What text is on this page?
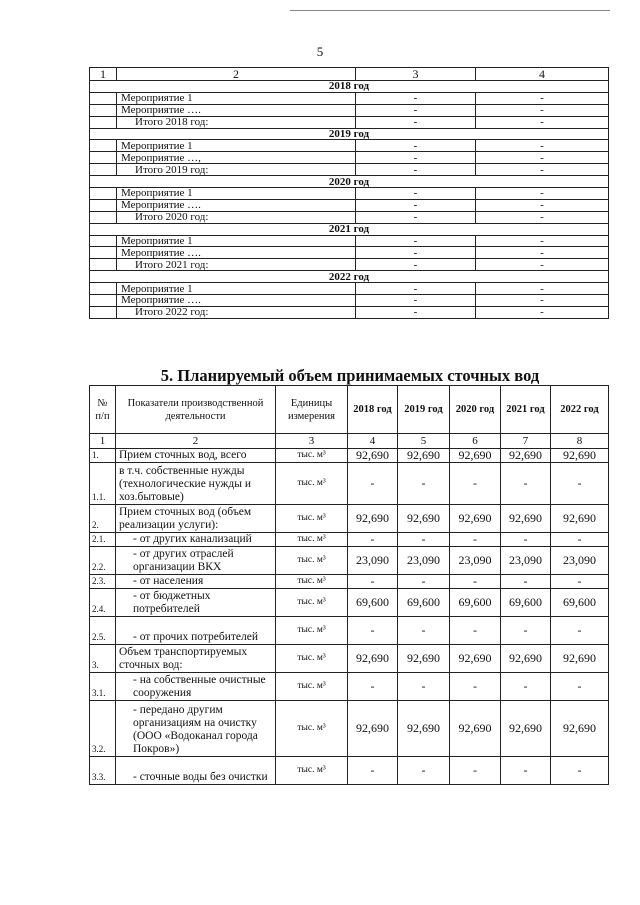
5
1	2	3	4
2018 год			
	Мероприятие 1	-	-
	Мероприятие ….	-	-
	Итого 2018 год:	-	-
2019 год			
	Мероприятие 1	-	-
	Мероприятие …,	-	-
	Итого 2019 год:	-	-
2020 год			
	Мероприятие 1	-	-
	Мероприятие ….	-	-
	Итого 2020 год:	-	-
2021 год			
	Мероприятие 1	-	-
	Мероприятие ….	-	-
	Итого 2021 год:	-	-
2022 год			
	Мероприятие 1	-	-
	Мероприятие ….	-	-
	Итого 2022 год:	-	-
5. Планируемый объем принимаемых сточных вод
№ п/п	Показатели производственной деятельности	Единицы измерения	2018 год	2019 год	2020 год	2021 год	2022 год
1	2	3	4	5	6	7	8
1.	Прием сточных вод, всего	тыс. м³	92,690	92,690	92,690	92,690	92,690
1.1.	в т.ч. собственные нужды (технологические нужды и хоз.бытовые)	тыс. м³	-	-	-	-	-
2.	Прием сточных вод (объем реализации услуги):	тыс. м³	92,690	92,690	92,690	92,690	92,690
2.1.	- от других канализаций	тыс. м³	-	-	-	-	-
2.2.	- от других отраслей организации ВКХ	тыс. м³	23,090	23,090	23,090	23,090	23,090
2.3.	- от населения	тыс. м³	-	-	-	-	-
2.4.	- от бюджетных потребителей	тыс. м³	69,600	69,600	69,600	69,600	69,600
2.5.	- от прочих потребителей	тыс. м³	-	-	-	-	-
3.	Объем транспортируемых сточных вод:	тыс. м³	92,690	92,690	92,690	92,690	92,690
3.1.	- на собственные очистные сооружения	тыс. м³	-	-	-	-	-
3.2.	- передано другим организациям на очистку (ООО «Водоканал города Покров»)	тыс. м³	92,690	92,690	92,690	92,690	92,690
3.3.	- сточные воды без очистки	тыс. м³	-	-	-	-	-
